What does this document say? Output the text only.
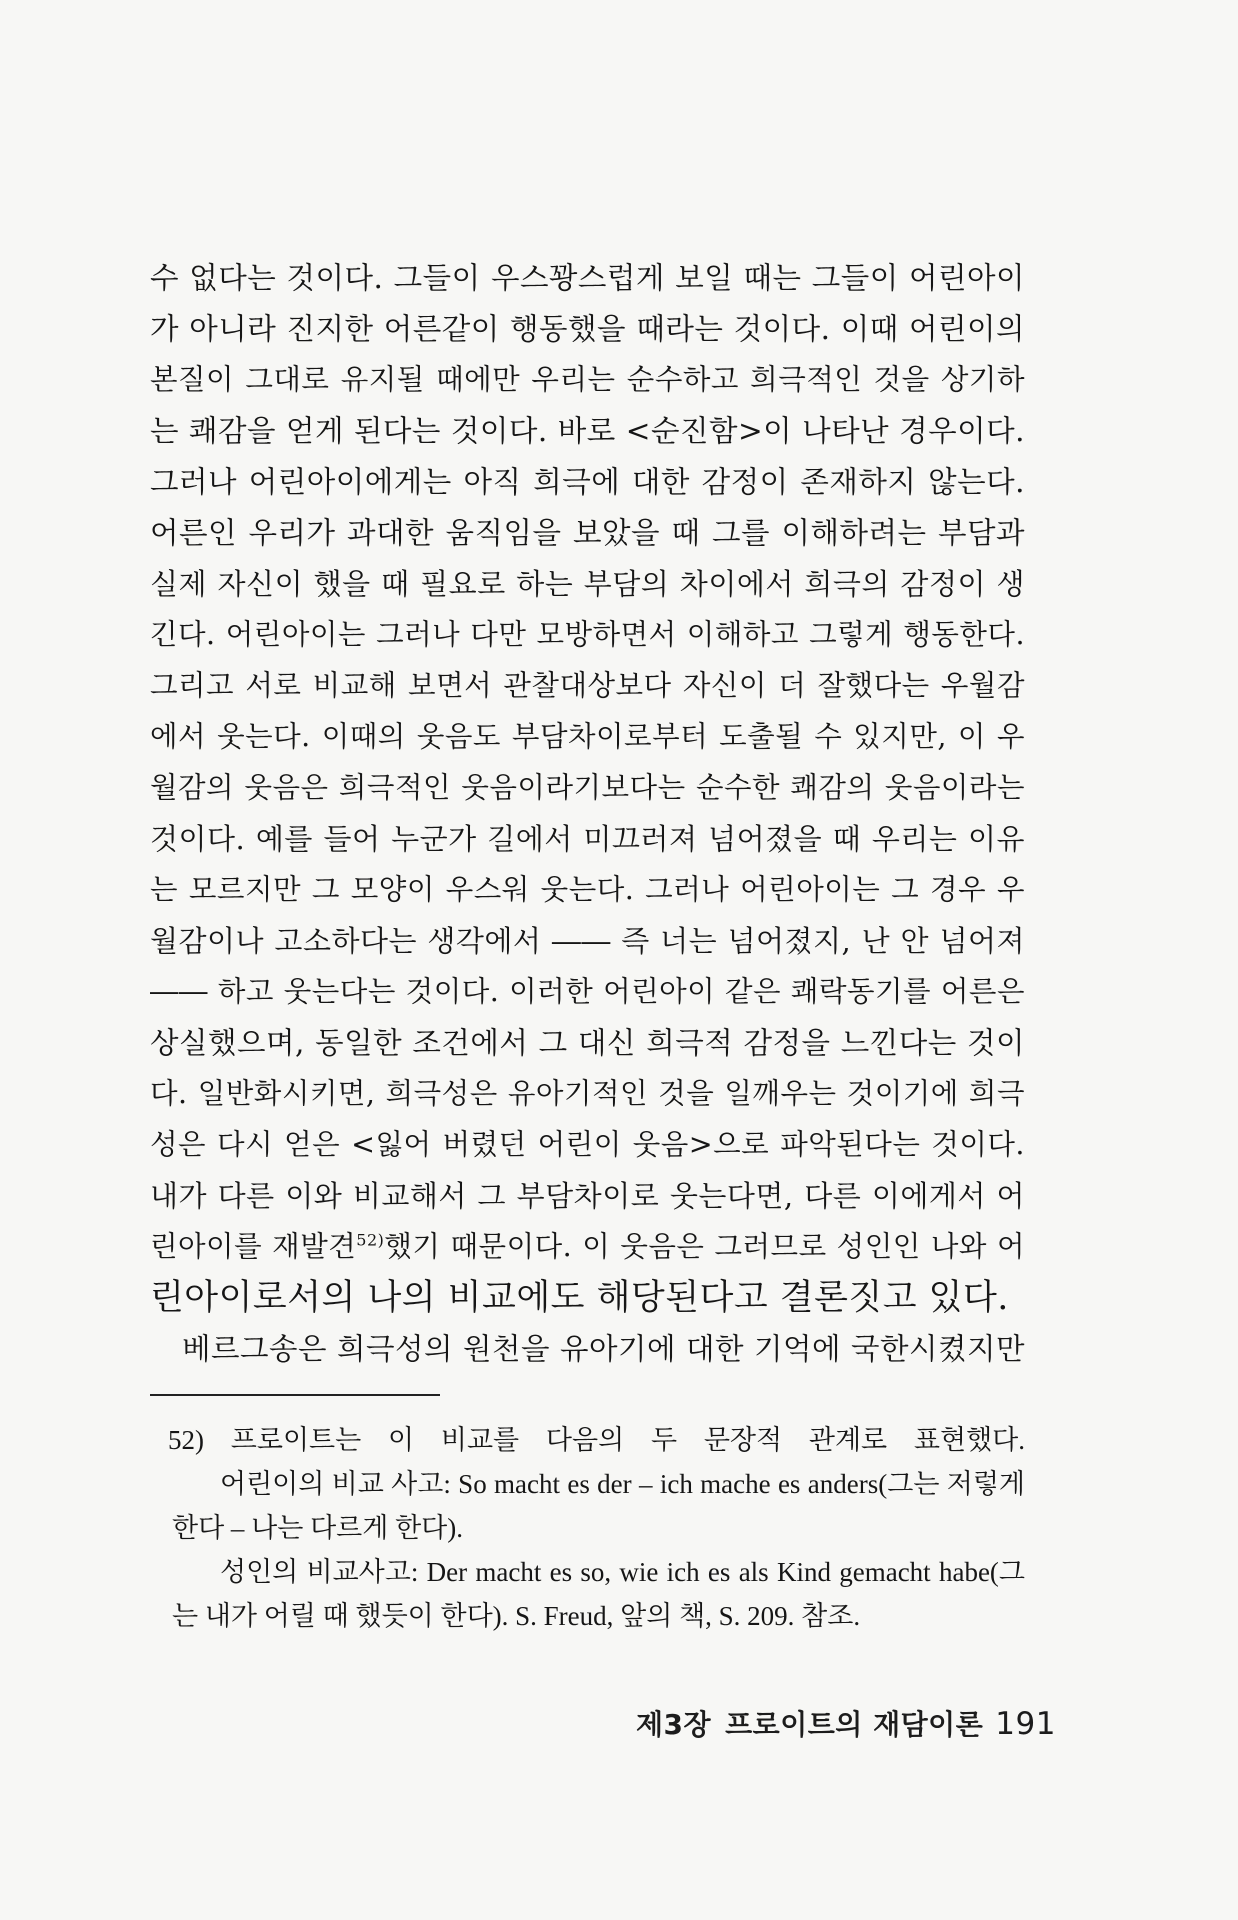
수 없다는 것이다. 그들이 우스꽝스럽게 보일 때는 그들이 어린아이
가 아니라 진지한 어른같이 행동했을 때라는 것이다. 이때 어린이의
본질이 그대로 유지될 때에만 우리는 순수하고 희극적인 것을 상기하
는 쾌감을 얻게 된다는 것이다. 바로 <순진함>이 나타난 경우이다.
그러나 어린아이에게는 아직 희극에 대한 감정이 존재하지 않는다.
어른인 우리가 과대한 움직임을 보았을 때 그를 이해하려는 부담과
실제 자신이 했을 때 필요로 하는 부담의 차이에서 희극의 감정이 생
긴다. 어린아이는 그러나 다만 모방하면서 이해하고 그렇게 행동한다.
그리고 서로 비교해 보면서 관찰대상보다 자신이 더 잘했다는 우월감
에서 웃는다. 이때의 웃음도 부담차이로부터 도출될 수 있지만, 이 우
월감의 웃음은 희극적인 웃음이라기보다는 순수한 쾌감의 웃음이라는
것이다. 예를 들어 누군가 길에서 미끄러져 넘어졌을 때 우리는 이유
는 모르지만 그 모양이 우스워 웃는다. 그러나 어린아이는 그 경우 우
월감이나 고소하다는 생각에서 ―― 즉 너는 넘어졌지, 난 안 넘어져
―― 하고 웃는다는 것이다. 이러한 어린아이 같은 쾌락동기를 어른은
상실했으며, 동일한 조건에서 그 대신 희극적 감정을 느낀다는 것이
다. 일반화시키면, 희극성은 유아기적인 것을 일깨우는 것이기에 희극
성은 다시 얻은 <잃어 버렸던 어린이 웃음>으로 파악된다는 것이다.
내가 다른 이와 비교해서 그 부담차이로 웃는다면, 다른 이에게서 어
린아이를 재발견$^{52)}$했기 때문이다. 이 웃음은 그러므로 성인인 나와 어
린아이로서의 나의 비교에도 해당된다고 결론짓고 있다.
베르그송은 희극성의 원천을 유아기에 대한 기억에 국한시켰지만
52) 프로이트는 이 비교를 다음의 두 문장적 관계로 표현했다.
어린이의 비교 사고: So macht es der – ich mache es anders(그는 저렇게
한다 – 나는 다르게 한다).
성인의 비교사고: Der macht es so, wie ich es als Kind gemacht habe(그
는 내가 어릴 때 했듯이 한다). S. Freud, 앞의 책, S. 209. 참조.
제3장 프로이트의 재담이론 191
